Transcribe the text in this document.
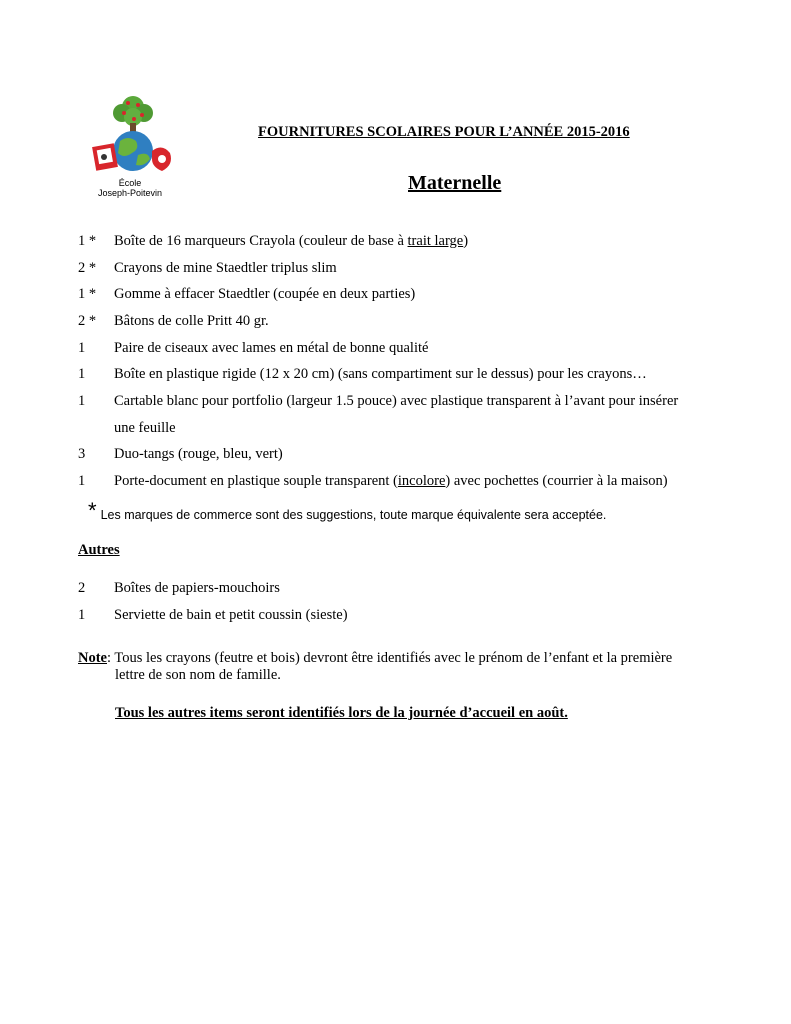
École
Joseph-Poitevin
FOURNITURES SCOLAIRES POUR L’ANNÉE 2015-2016
Maternelle
1 * Boîte de 16 marqueurs Crayola (couleur de base à trait large)
2 * Crayons de mine Staedtler triplus slim
1 * Gomme à effacer Staedtler (coupée en deux parties)
2 * Bâtons de colle Pritt 40 gr.
1 Paire de ciseaux avec lames en métal de bonne qualité
1 Boîte en plastique rigide (12 x 20 cm) (sans compartiment sur le dessus) pour les crayons…
1 Cartable blanc pour portfolio (largeur 1.5 pouce) avec plastique transparent à l’avant pour insérer
une feuille
3 Duo-tangs (rouge, bleu, vert)
1 Porte-document en plastique souple transparent (incolore) avec pochettes (courrier à la maison)
* Les marques de commerce sont des suggestions, toute marque équivalente sera acceptée.
Autres
2 Boîtes de papiers-mouchoirs
1 Serviette de bain et petit coussin (sieste)
Note: Tous les crayons (feutre et bois) devront être identifiés avec le prénom de l’enfant et la première
lettre de son nom de famille.
Tous les autres items seront identifiés lors de la journée d’accueil en août.
